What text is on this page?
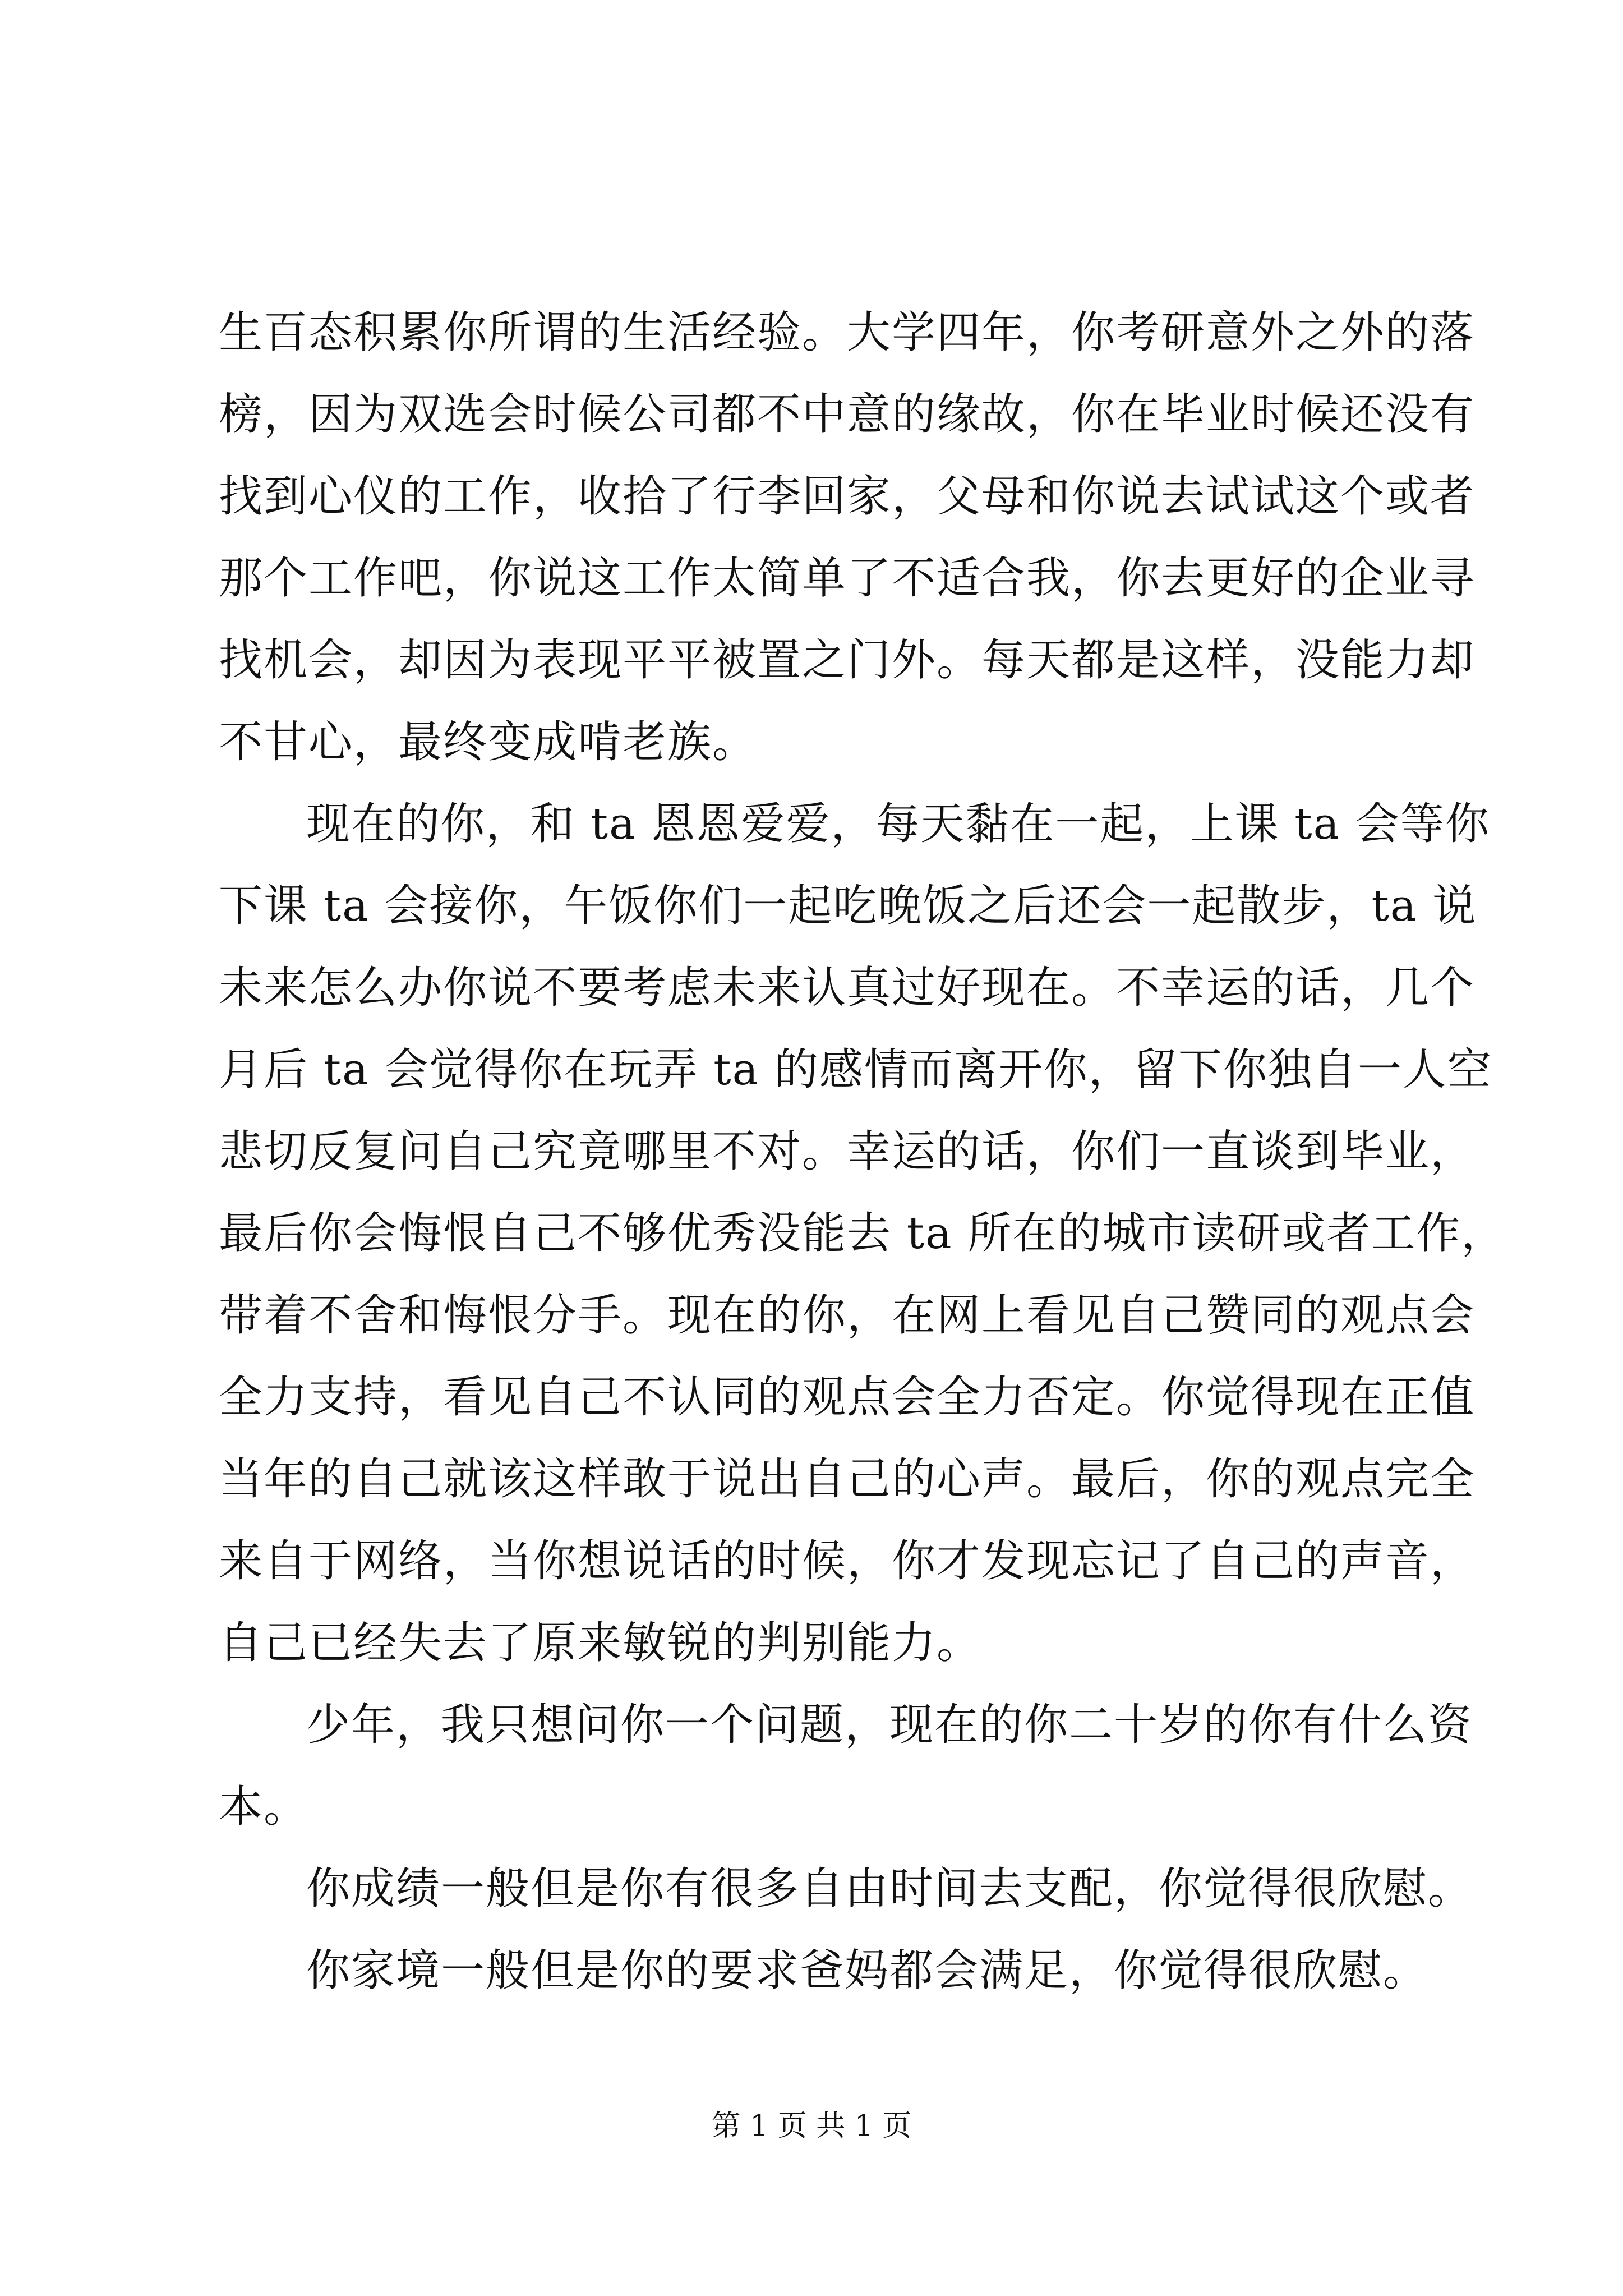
生百态积累你所谓的生活经验。大学四年，你考研意外之外的落
榜，因为双选会时候公司都不中意的缘故，你在毕业时候还没有
找到心仪的工作，收拾了行李回家，父母和你说去试试这个或者
那个工作吧，你说这工作太简单了不适合我，你去更好的企业寻
找机会，却因为表现平平被置之门外。每天都是这样，没能力却
不甘心，最终变成啃老族。
现在的你，和 ta 恩恩爱爱，每天黏在一起，上课 ta 会等你
下课 ta 会接你，午饭你们一起吃晚饭之后还会一起散步，ta 说
未来怎么办你说不要考虑未来认真过好现在。不幸运的话，几个
月后 ta 会觉得你在玩弄 ta 的感情而离开你，留下你独自一人空
悲切反复问自己究竟哪里不对。幸运的话，你们一直谈到毕业，
最后你会悔恨自己不够优秀没能去 ta 所在的城市读研或者工作，
带着不舍和悔恨分手。现在的你，在网上看见自己赞同的观点会
全力支持，看见自己不认同的观点会全力否定。你觉得现在正值
当年的自己就该这样敢于说出自己的心声。最后，你的观点完全
来自于网络，当你想说话的时候，你才发现忘记了自己的声音，
自己已经失去了原来敏锐的判别能力。
少年，我只想问你一个问题，现在的你二十岁的你有什么资
本。
你成绩一般但是你有很多自由时间去支配，你觉得很欣慰。
你家境一般但是你的要求爸妈都会满足，你觉得很欣慰。
第 1 页 共 1 页
